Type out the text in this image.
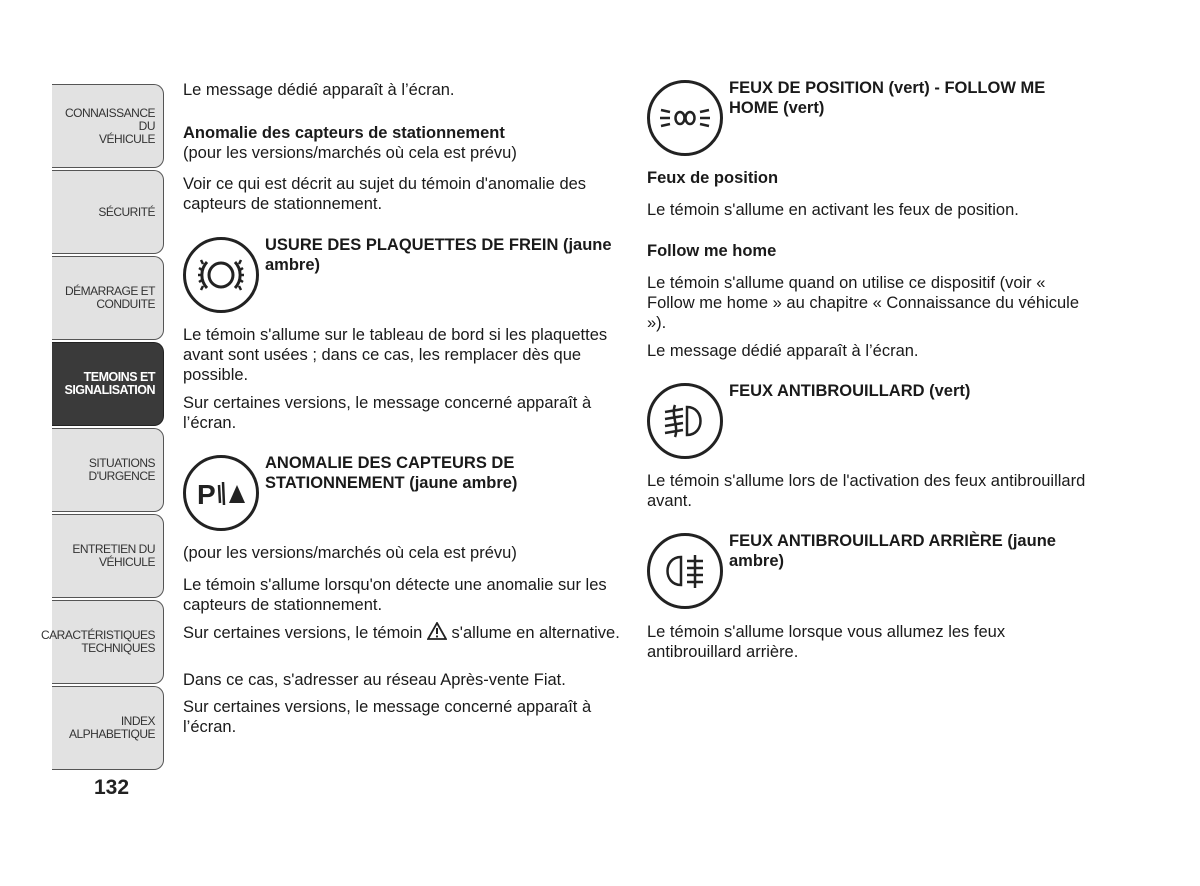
CONNAISSANCE DU
VÉHICULE
SÉCURITÉ
DÉMARRAGE ET
CONDUITE
TEMOINS ET
SIGNALISATION
SITUATIONS
D'URGENCE
ENTRETIEN DU
VÉHICULE
CARACTÉRISTIQUES
TECHNIQUES
INDEX
ALPHABETIQUE
132

Le message dédié apparaît à l’écran.

Anomalie des capteurs de stationnement
(pour les versions/marchés où cela est prévu)

Voir ce qui est décrit au sujet du témoin d'anomalie des capteurs de stationnement.

USURE DES PLAQUETTES DE FREIN (jaune ambre)

Le témoin s'allume sur le tableau de bord si les plaquettes avant sont usées ; dans ce cas, les remplacer dès que possible.

Sur certaines versions, le message concerné apparaît à l’écran.

P
ANOMALIE DES CAPTEURS DE STATIONNEMENT (jaune ambre)

(pour les versions/marchés où cela est prévu)

Le témoin s'allume lorsqu'on détecte une anomalie sur les capteurs de stationnement.

Sur certaines versions, le témoin s'allume en alternative.

Dans ce cas, s'adresser au réseau Après-vente Fiat.

Sur certaines versions, le message concerné apparaît à l’écran.

FEUX DE POSITION (vert) - FOLLOW ME HOME (vert)
Feux de position

Le témoin s'allume en activant les feux de position.

Follow me home

Le témoin s'allume quand on utilise ce dispositif (voir « Follow me home » au chapitre « Connaissance du véhicule »).

Le message dédié apparaît à l’écran.

FEUX ANTIBROUILLARD (vert)

Le témoin s'allume lors de l'activation des feux antibrouillard avant.

FEUX ANTIBROUILLARD ARRIÈRE (jaune ambre)

Le témoin s'allume lorsque vous allumez les feux antibrouillard arrière.
